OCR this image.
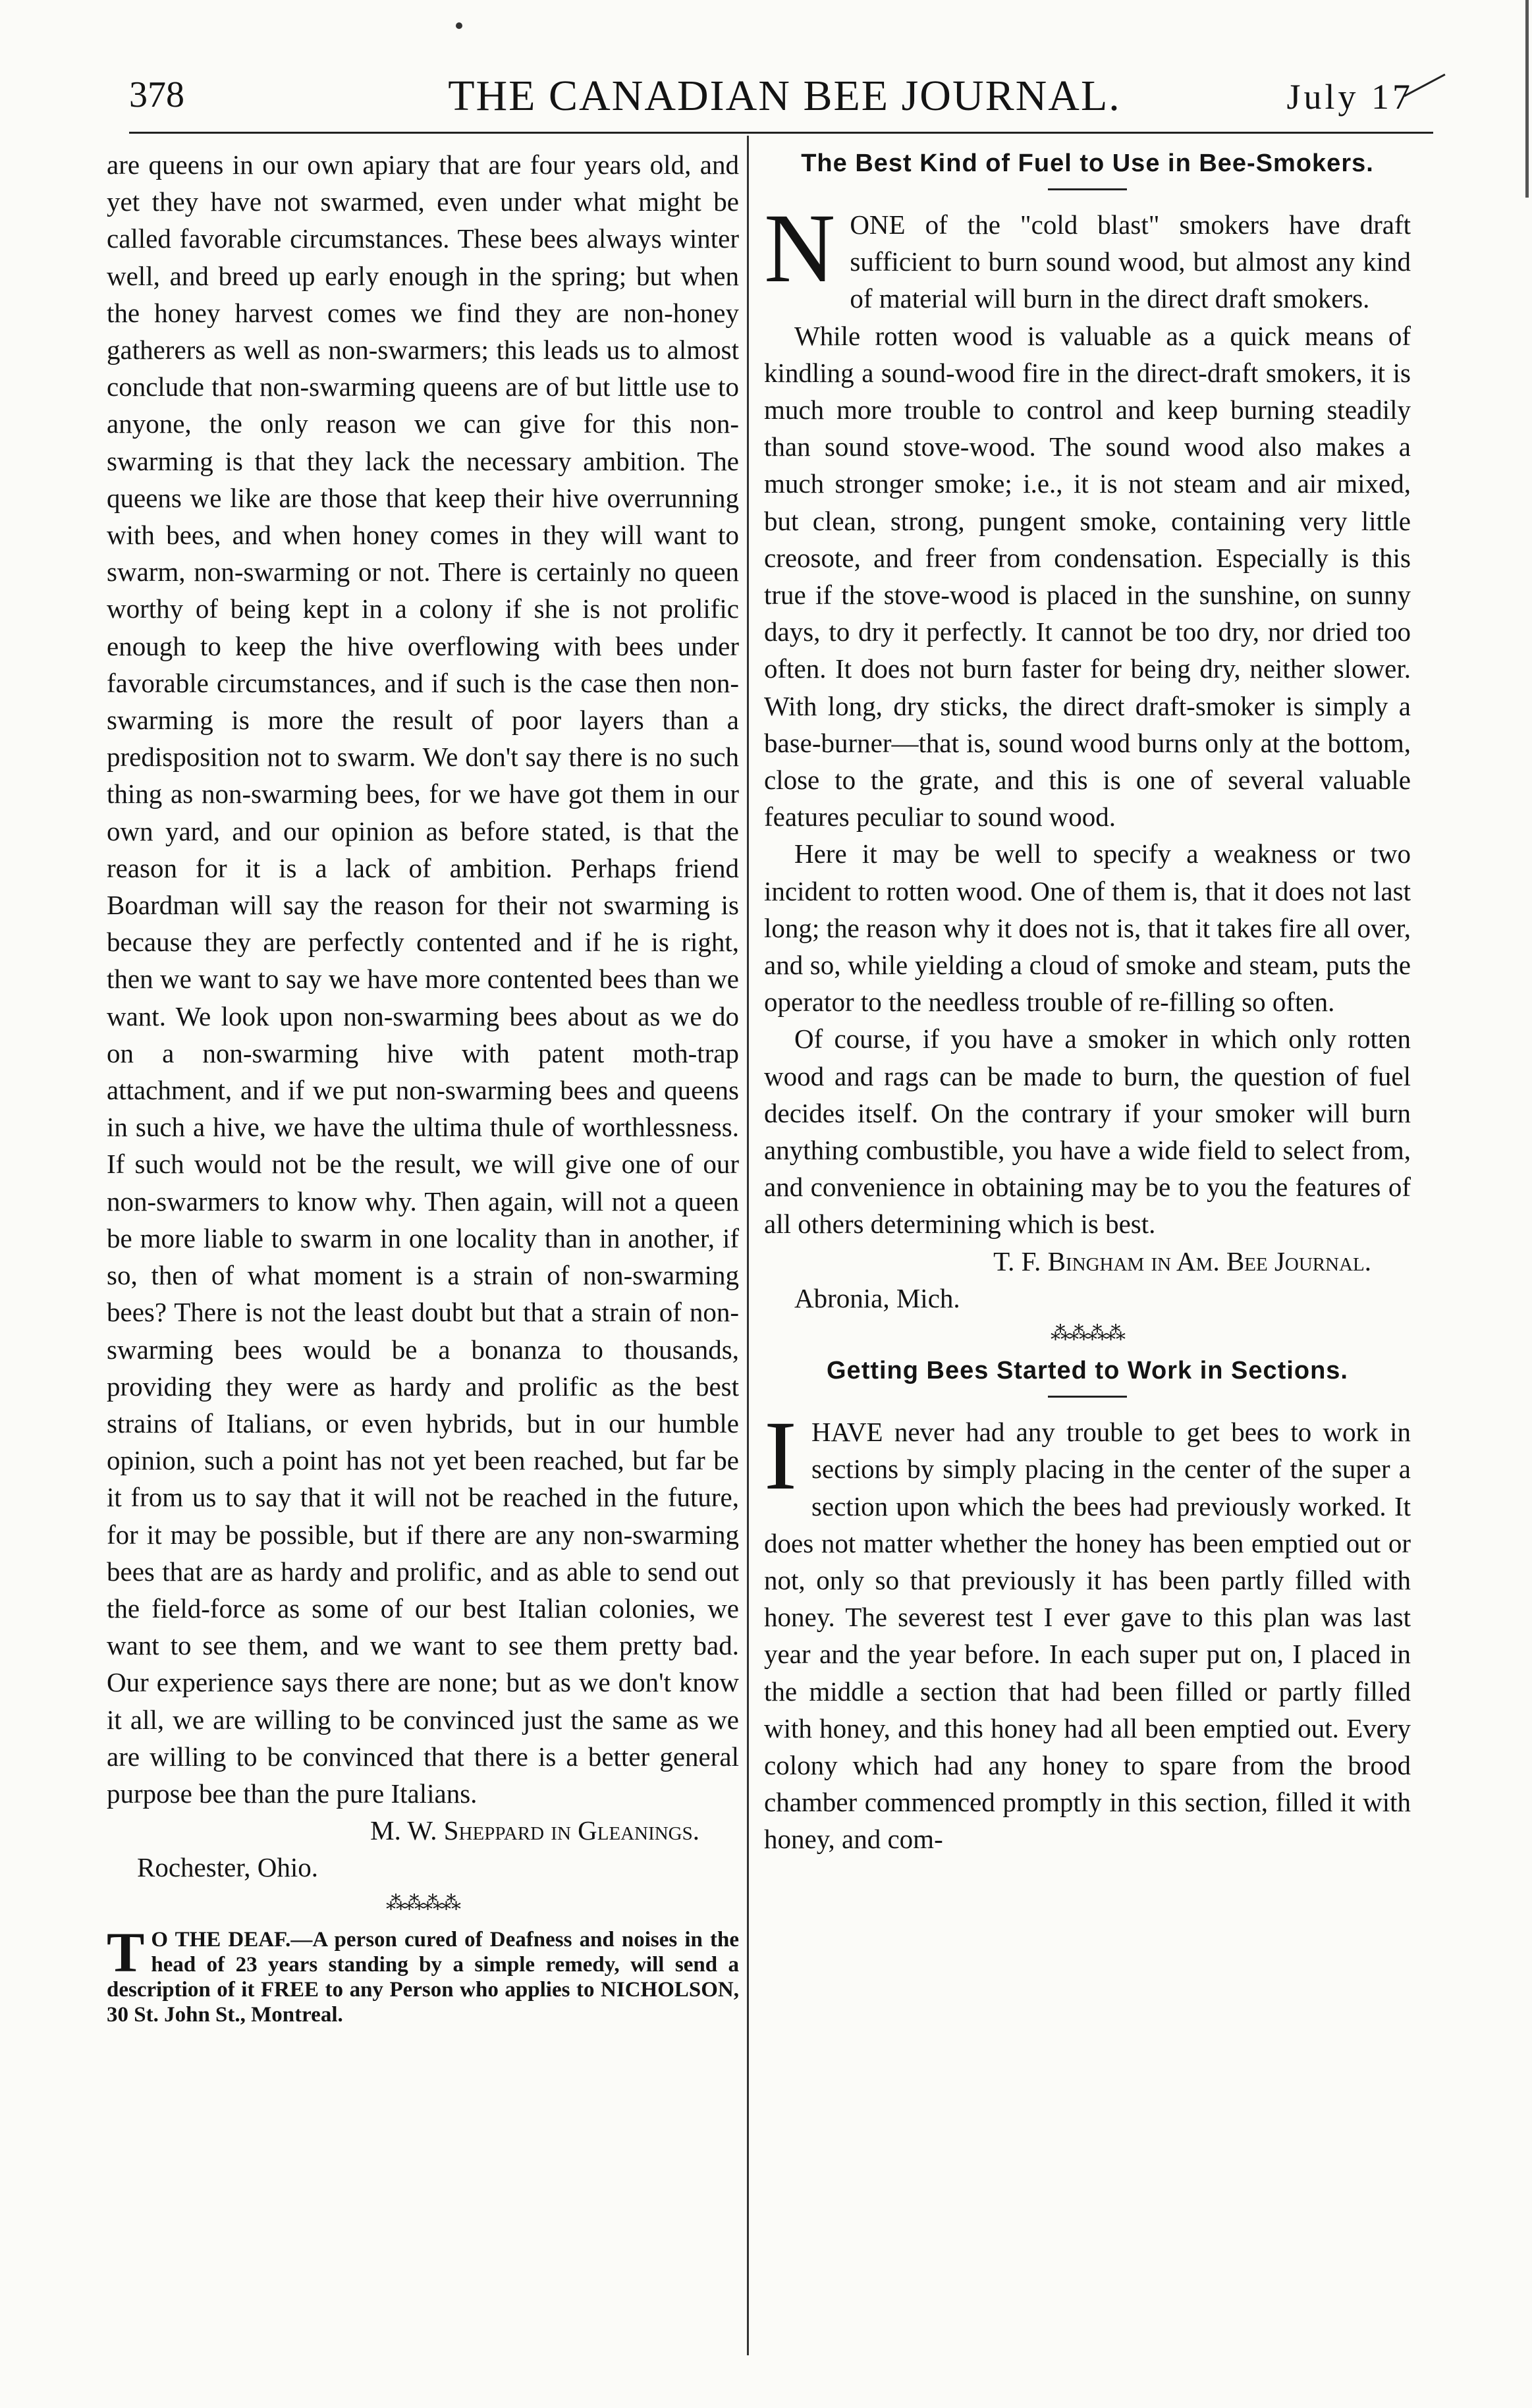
378	THE CANADIAN BEE JOURNAL.	July 17

are queens in our own apiary that are four years old, and yet they have not swarmed, even under what might be called favorable circumstances. These bees always winter well, and breed up early enough in the spring; but when the honey harvest comes we find they are non-honey gatherers as well as non-swarmers; this leads us to almost conclude that non-swarming queens are of but little use to anyone, the only reason we can give for this non-swarming is that they lack the necessary ambition. The queens we like are those that keep their hive overrunning with bees, and when honey comes in they will want to swarm, non-swarming or not. There is certainly no queen worthy of being kept in a colony if she is not prolific enough to keep the hive overflowing with bees under favorable circumstances, and if such is the case then non-swarming is more the result of poor layers than a predisposition not to swarm. We don't say there is no such thing as non-swarming bees, for we have got them in our own yard, and our opinion as before stated, is that the reason for it is a lack of ambition. Perhaps friend Boardman will say the reason for their not swarming is because they are perfectly contented and if he is right, then we want to say we have more contented bees than we want. We look upon non-swarming bees about as we do on a non-swarming hive with patent moth-trap attachment, and if we put non-swarming bees and queens in such a hive, we have the ultima thule of worthlessness. If such would not be the result, we will give one of our non-swarmers to know why. Then again, will not a queen be more liable to swarm in one locality than in another, if so, then of what moment is a strain of non-swarming bees? There is not the least doubt but that a strain of non-swarming bees would be a bonanza to thousands, providing they were as hardy and prolific as the best strains of Italians, or even hybrids, but in our humble opinion, such a point has not yet been reached, but far be it from us to say that it will not be reached in the future, for it may be possible, but if there are any non-swarming bees that are as hardy and prolific, and as able to send out the field-force as some of our best Italian colonies, we want to see them, and we want to see them pretty bad. Our experience says there are none; but as we don't know it all, we are willing to be convinced just the same as we are willing to be convinced that there is a better general purpose bee than the pure Italians.

M. W. Sheppard in Gleanings.

Rochester, Ohio.

⁂⁂⁂⁂
T O THE DEAF.—A person cured of Deafness and noises in the head of 23 years standing by a simple remedy, will send a description of it FREE to any Person who applies to NICHOLSON, 30 St. John St., Montreal.
The Best Kind of Fuel to Use in Bee-Smokers.

N ONE of the "cold blast" smokers have draft sufficient to burn sound wood, but almost any kind of material will burn in the direct draft smokers.

While rotten wood is valuable as a quick means of kindling a sound-wood fire in the direct-draft smokers, it is much more trouble to control and keep burning steadily than sound stove-wood. The sound wood also makes a much stronger smoke; i.e., it is not steam and air mixed, but clean, strong, pungent smoke, containing very little creosote, and freer from condensation. Especially is this true if the stove-wood is placed in the sunshine, on sunny days, to dry it perfectly. It cannot be too dry, nor dried too often. It does not burn faster for being dry, neither slower. With long, dry sticks, the direct draft-smoker is simply a base-burner—that is, sound wood burns only at the bottom, close to the grate, and this is one of several valuable features peculiar to sound wood.

Here it may be well to specify a weakness or two incident to rotten wood. One of them is, that it does not last long; the reason why it does not is, that it takes fire all over, and so, while yielding a cloud of smoke and steam, puts the operator to the needless trouble of re-filling so often.

Of course, if you have a smoker in which only rotten wood and rags can be made to burn, the question of fuel decides itself. On the contrary if your smoker will burn anything combustible, you have a wide field to select from, and convenience in obtaining may be to you the features of all others determining which is best.

T. F. Bingham in Am. Bee Journal.

Abronia, Mich.

⁂⁂⁂⁂
Getting Bees Started to Work in Sections.

I HAVE never had any trouble to get bees to work in sections by simply placing in the center of the super a section upon which the bees had previously worked. It does not matter whether the honey has been emptied out or not, only so that previously it has been partly filled with honey. The severest test I ever gave to this plan was last year and the year before. In each super put on, I placed in the middle a section that had been filled or partly filled with honey, and this honey had all been emptied out. Every colony which had any honey to spare from the brood chamber commenced promptly in this section, filled it with honey, and com-
